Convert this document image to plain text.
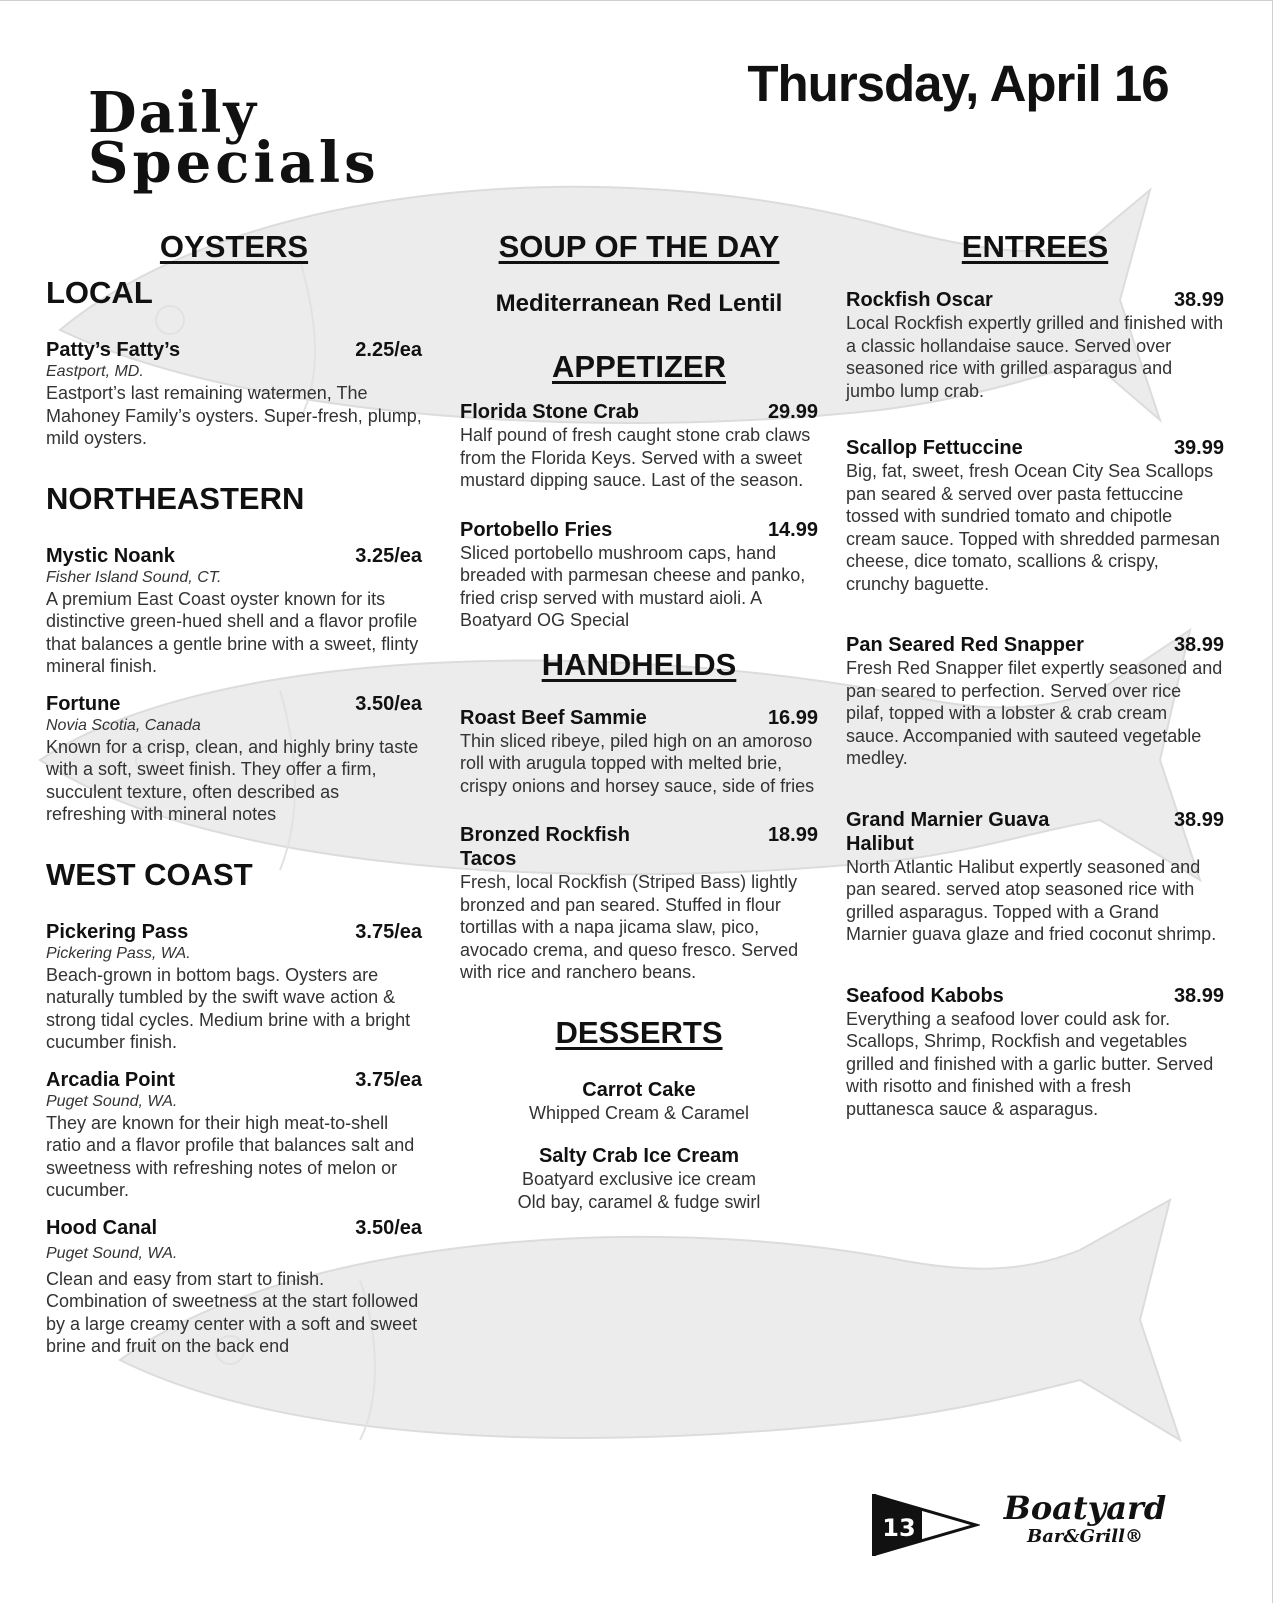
Daily
Specials
Thursday, April 16
OYSTERS
LOCAL
Patty’s Fatty’s	2.25/ea
Eastport, MD.
Eastport’s last remaining watermen, The Mahoney Family’s oysters. Super-fresh, plump, mild oysters.
NORTHEASTERN
Mystic Noank	3.25/ea
Fisher Island Sound, CT.
A premium East Coast oyster known for its distinctive green-hued shell and a flavor profile that balances a gentle brine with a sweet, flinty mineral finish.
Fortune	3.50/ea
Novia Scotia, Canada
Known for a crisp, clean, and highly briny taste with a soft, sweet finish. They offer a firm, succulent texture, often described as refreshing with mineral notes
WEST COAST
Pickering Pass	3.75/ea
Pickering Pass, WA.
Beach-grown in bottom bags. Oysters are naturally tumbled by the swift wave action & strong tidal cycles. Medium brine with a bright cucumber finish.
Arcadia Point	3.75/ea
Puget Sound, WA.
They are known for their high meat-to-shell ratio and a flavor profile that balances salt and sweetness with refreshing notes of melon or cucumber.
Hood Canal	3.50/ea
Puget Sound, WA.
Clean and easy from start to finish. Combination of sweetness at the start followed by a large creamy center with a soft and sweet brine and fruit on the back end
SOUP OF THE DAY
Mediterranean Red Lentil
APPETIZER
Florida Stone Crab	29.99
Half pound of fresh caught stone crab claws from the Florida Keys. Served with a sweet mustard dipping sauce. Last of the season.
Portobello Fries	14.99
Sliced portobello mushroom caps, hand breaded with parmesan cheese and panko, fried crisp served with mustard aioli. A Boatyard OG Special
HANDHELDS
Roast Beef Sammie	16.99
Thin sliced ribeye, piled high on an amoroso roll with arugula topped with melted brie, crispy onions and horsey sauce, side of fries
Bronzed Rockfish Tacos
18.99
Fresh, local Rockfish (Striped Bass) lightly bronzed and pan seared. Stuffed in flour tortillas with a napa jicama slaw, pico, avocado crema, and queso fresco. Served with rice and ranchero beans.
DESSERTS
Carrot Cake
Whipped Cream & Caramel
Salty Crab Ice Cream
Boatyard exclusive ice cream
Old bay, caramel & fudge swirl
ENTREES
Rockfish Oscar	38.99
Local Rockfish expertly grilled and finished with a classic hollandaise sauce. Served over seasoned rice with grilled asparagus and jumbo lump crab.
Scallop Fettuccine	39.99
Big, fat, sweet, fresh Ocean City Sea Scallops pan seared & served over pasta fettuccine tossed with sundried tomato and chipotle cream sauce. Topped with shredded parmesan cheese, dice tomato, scallions & crispy, crunchy baguette.
Pan Seared Red Snapper	38.99
Fresh Red Snapper filet expertly seasoned and pan seared to perfection. Served over rice pilaf, topped with a lobster & crab cream sauce. Accompanied with sauteed vegetable medley.
Grand Marnier Guava Halibut
38.99
North Atlantic Halibut expertly seasoned and pan seared. served atop seasoned rice with grilled asparagus. Topped with a Grand Marnier guava glaze and fried coconut shrimp.
Seafood Kabobs	38.99
Everything a seafood lover could ask for. Scallops, Shrimp, Rockfish and vegetables grilled and finished with a garlic butter. Served with risotto and finished with a fresh puttanesca sauce & asparagus.
13
Boatyard
Bar&Grill®
